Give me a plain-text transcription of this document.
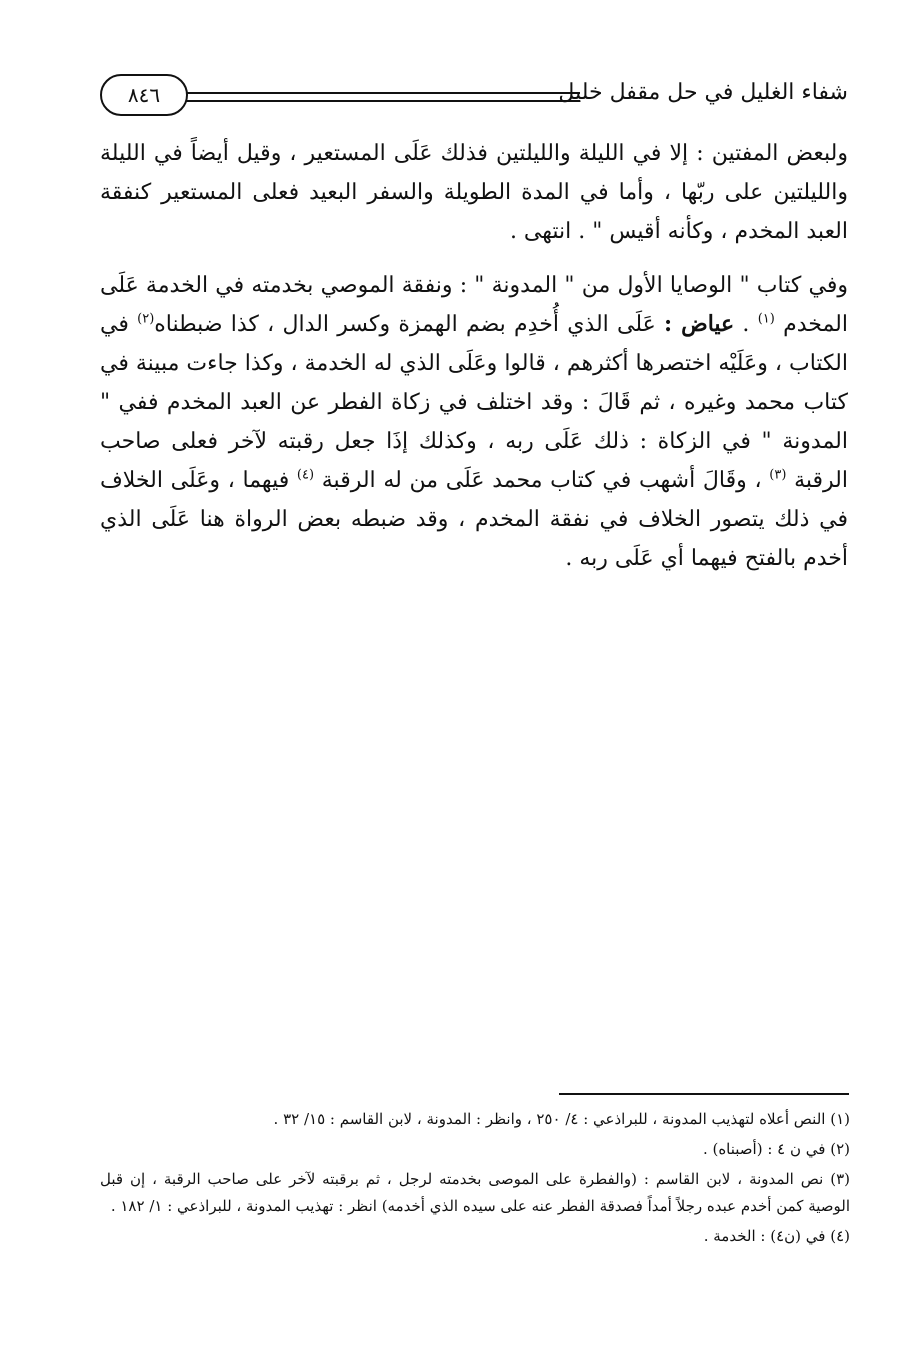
شفاء الغليل في حل مقفل خليل
٨٤٦

ولبعض المفتين : إلا في الليلة والليلتين فذلك عَلَى المستعير ، وقيل أيضاً في الليلة والليلتين على ربّها ، وأما في المدة الطويلة والسفر البعيد فعلى المستعير كنفقة العبد المخدم ، وكأنه أقيس " . انتهى .

وفي كتاب " الوصايا الأول من " المدونة " : ونفقة الموصي بخدمته في الخدمة عَلَى المخدم $^{(١)}$ . عياض : عَلَى الذي أُخدِم بضم الهمزة وكسر الدال ، كذا ضبطناه$^{(٢)}$ في الكتاب ، وعَلَيْه اختصرها أكثرهم ، قالوا وعَلَى الذي له الخدمة ، وكذا جاءت مبينة في كتاب محمد وغيره ، ثم قَالَ : وقد اختلف في زكاة الفطر عن العبد المخدم ففي " المدونة " في الزكاة : ذلك عَلَى ربه ، وكذلك إذَا جعل رقبته لآخر فعلى صاحب الرقبة $^{(٣)}$ ، وقَالَ أشهب في كتاب محمد عَلَى من له الرقبة $^{(٤)}$ فيهما ، وعَلَى الخلاف في ذلك يتصور الخلاف في نفقة المخدم ، وقد ضبطه بعض الرواة هنا عَلَى الذي أخدم بالفتح فيهما أي عَلَى ربه .

(١) النص أعلاه لتهذيب المدونة ، للبراذعي : ٤/ ٢٥٠ ، وانظر : المدونة ، لابن القاسم : ١٥/ ٣٢ .

(٢) في ن ٤ : (أصبناه) .

(٣) نص المدونة ، لابن القاسم : (والفطرة على الموصى بخدمته لرجل ، ثم برقبته لآخر على صاحب الرقبة ، إن قبل الوصية كمن أخدم عبده رجلاً أمداً فصدقة الفطر عنه على سيده الذي أخدمه) انظر : تهذيب المدونة ، للبراذعي : ١/ ١٨٢ .

(٤) في (ن٤) : الخدمة .
